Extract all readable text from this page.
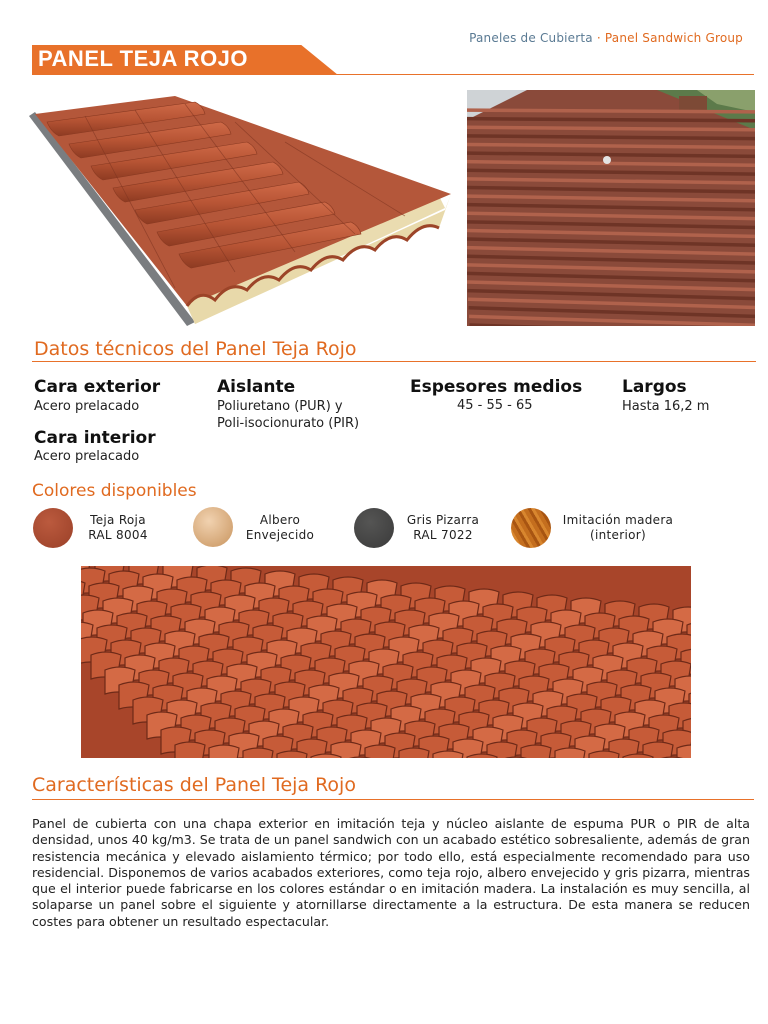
Paneles de Cubierta · Panel Sandwich Group
PANEL TEJA ROJO
Datos técnicos del Panel Teja Rojo
Cara exterior
Acero prelacado
Aislante
Poliuretano (PUR) y
Poli-isocionurato (PIR)
Espesores medios
45 - 55 - 65
Largos
Hasta 16,2 m
Cara interior
Acero prelacado
Colores disponibles
Teja Roja
RAL 8004
Albero
Envejecido
Gris Pizarra
RAL 7022
Imitación madera
(interior)
Características del Panel Teja Rojo
Panel de cubierta con una chapa exterior en imitación teja y núcleo aislante de espuma PUR o PIR de alta densidad, unos 40 kg/m3. Se trata de un panel sandwich con un acabado estético sobresaliente, además de gran resistencia mecánica y elevado aislamiento térmico; por todo ello, está especialmente recomendado para uso residencial. Disponemos de varios acabados exteriores, como teja rojo, albero envejecido y gris pizarra, mientras que el interior puede fabricarse en los colores estándar o en imitación madera. La instalación es muy sencilla, al solaparse un panel sobre el siguiente y atornillarse directamente a la estructura. De esta manera se reducen costes para obtener un resultado espectacular.
